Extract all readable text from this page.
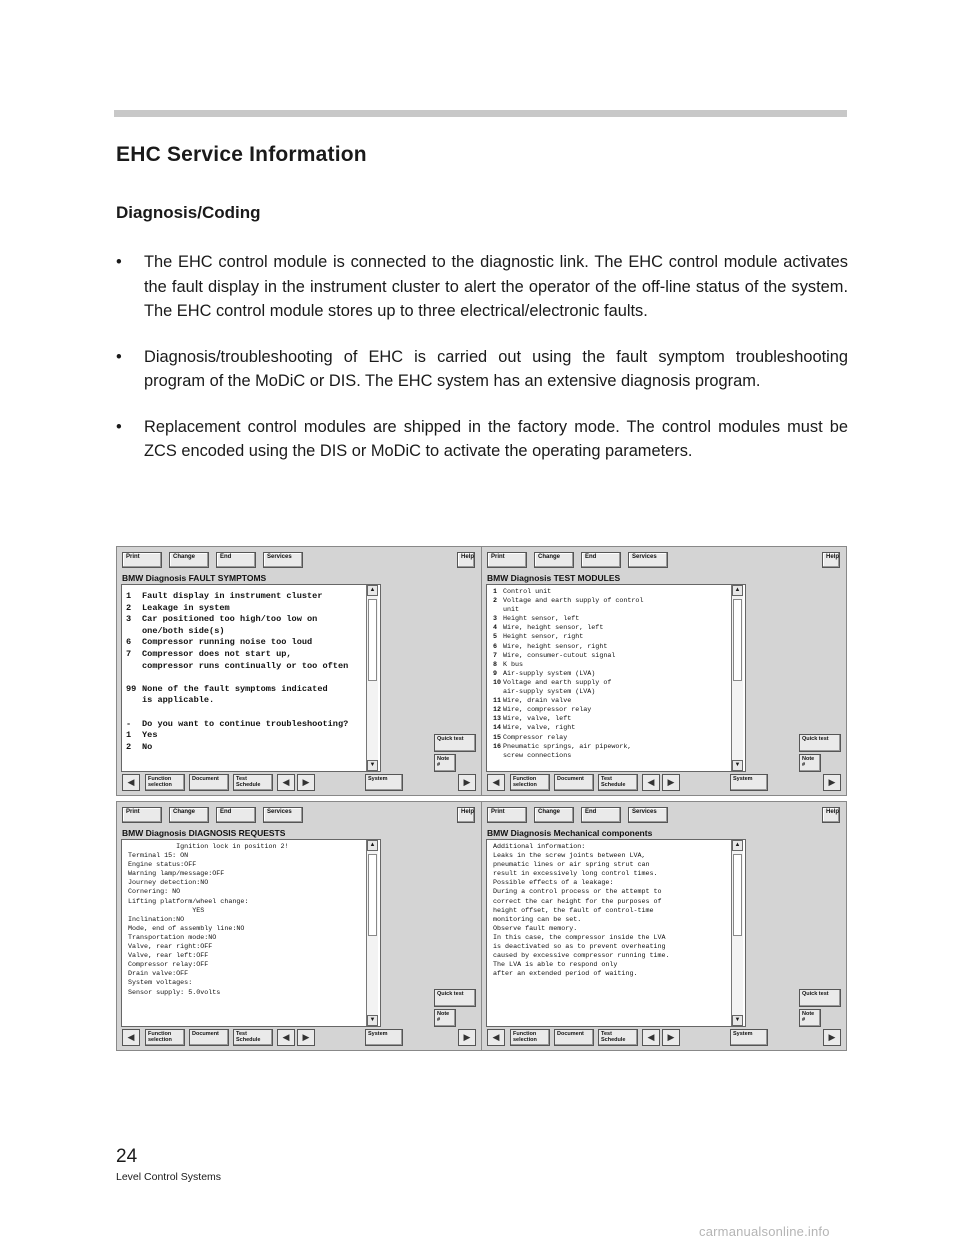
EHC Service Information
Diagnosis/Coding
• The EHC control module is connected to the diagnostic link. The EHC control module activates the fault display in the instrument cluster to alert the operator of the off-line status of the system. The EHC control module stores up to three electrical/electronic faults.
• Diagnosis/troubleshooting of EHC is carried out using the fault symptom troubleshooting program of the MoDiC or DIS. The EHC system has an extensive diagnosis program.
• Replacement control modules are shipped in the factory mode. The control modules must be ZCS encoded using the DIS or MoDiC to activate the operating parameters.
Print	Change	End	Services	Help
BMW Diagnosis FAULT SYMPTOMS
1 Fault display in instrument cluster
2 Leakage in system
3 Car positioned too high/too low on
one/both side(s)
6 Compressor running noise too loud
7 Compressor does not start up,
compressor runs continually or too often
99 None of the fault symptoms indicated
is applicable.
- Do you want to continue troubleshooting?
1 Yes
2 No
▲
▼
Quick test
Note
#
◀	Function
selection
Document	Test
Schedule	◀	▶	System	▶
Print	Change	End	Services	Help
BMW Diagnosis TEST MODULES
1 Control unit
2 Voltage and earth supply of control
unit
3 Height sensor, left
4 Wire, height sensor, left
5 Height sensor, right
6 Wire, height sensor, right
7 Wire, consumer-cutout signal
8 K bus
9 Air-supply system (LVA)
10 Voltage and earth supply of
air-supply system (LVA)
11 Wire, drain valve
12 Wire, compressor relay
13 Wire, valve, left
14 Wire, valve, right
15 Compressor relay
16 Pneumatic springs, air pipework,
screw connections
▲
▼
Quick test
Note
#
◀	Function
selection
Document	Test
Schedule	◀	▶	System	▶
Print	Change	End	Services	Help
BMW Diagnosis DIAGNOSIS REQUESTS
Ignition lock in position 2!
Terminal 15: ON
Engine status:OFF
Warning lamp/message:OFF
Journey detection:NO
Cornering: NO
Lifting platform/wheel change:
YES
Inclination:NO
Mode, end of assembly line:NO
Transportation mode:NO
Valve, rear right:OFF
Valve, rear left:OFF
Compressor relay:OFF
Drain valve:OFF
System voltages:
Sensor supply: 5.0volts
▲
▼
Quick test
Note
#
◀	Function
selection
Document	Test
Schedule	◀	▶	System	▶
Print	Change	End	Services	Help
BMW Diagnosis Mechanical components
Additional information:
Leaks in the screw joints between LVA,
pneumatic lines or air spring strut can
result in excessively long control times.
Possible effects of a leakage:
During a control process or the attempt to
correct the car height for the purposes of
height offset, the fault of control-time
monitoring can be set.
Observe fault memory.
In this case, the compressor inside the LVA
is deactivated so as to prevent overheating
caused by excessive compressor running time.
The LVA is able to respond only
after an extended period of waiting.
▲
▼
Quick test
Note
#
◀	Function
selection
Document	Test
Schedule	◀	▶	System	▶
24
Level Control Systems
carmanualsonline.info
